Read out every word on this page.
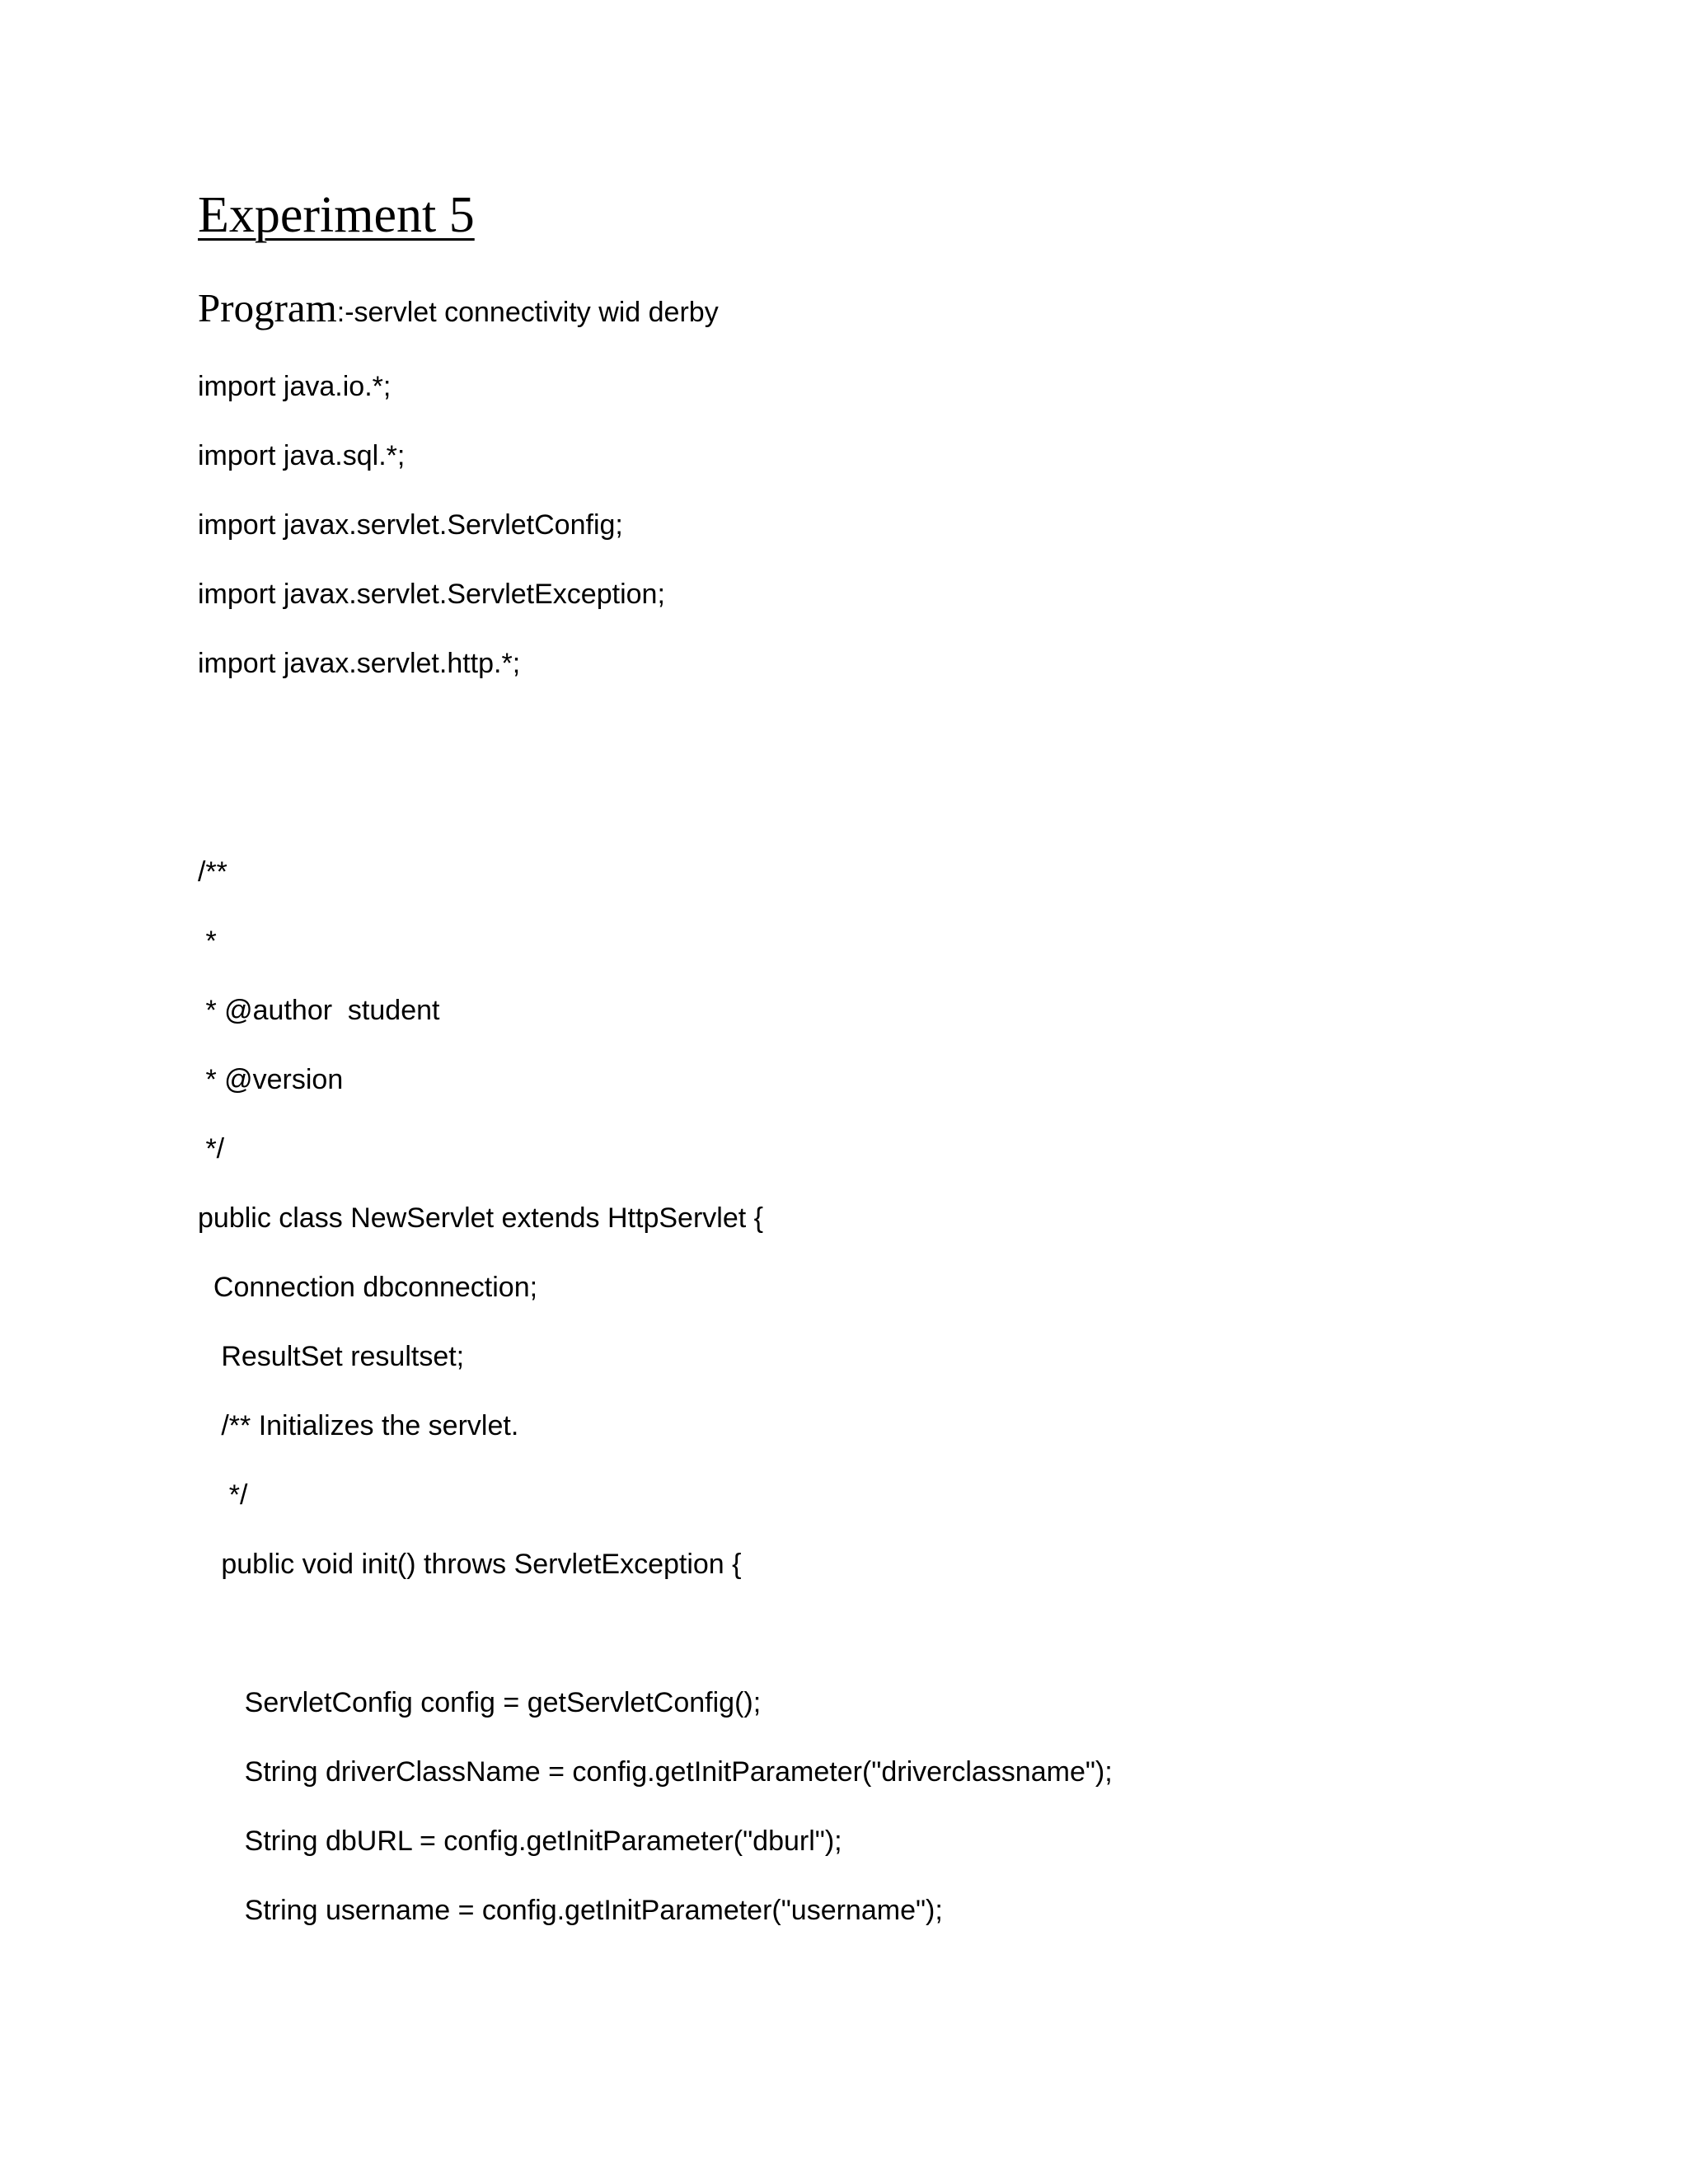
Experiment 5

Program:-servlet connectivity wid derby

import java.io.*;

import java.sql.*;

import javax.servlet.ServletConfig;

import javax.servlet.ServletException;

import javax.servlet.http.*;

/**

*

* @author  student

* @version

*/

public class NewServlet extends HttpServlet {

Connection dbconnection;

ResultSet resultset;

/** Initializes the servlet.

*/

public void init() throws ServletException {

ServletConfig config = getServletConfig();

String driverClassName = config.getInitParameter("driverclassname");

String dbURL = config.getInitParameter("dburl");

String username = config.getInitParameter("username");
